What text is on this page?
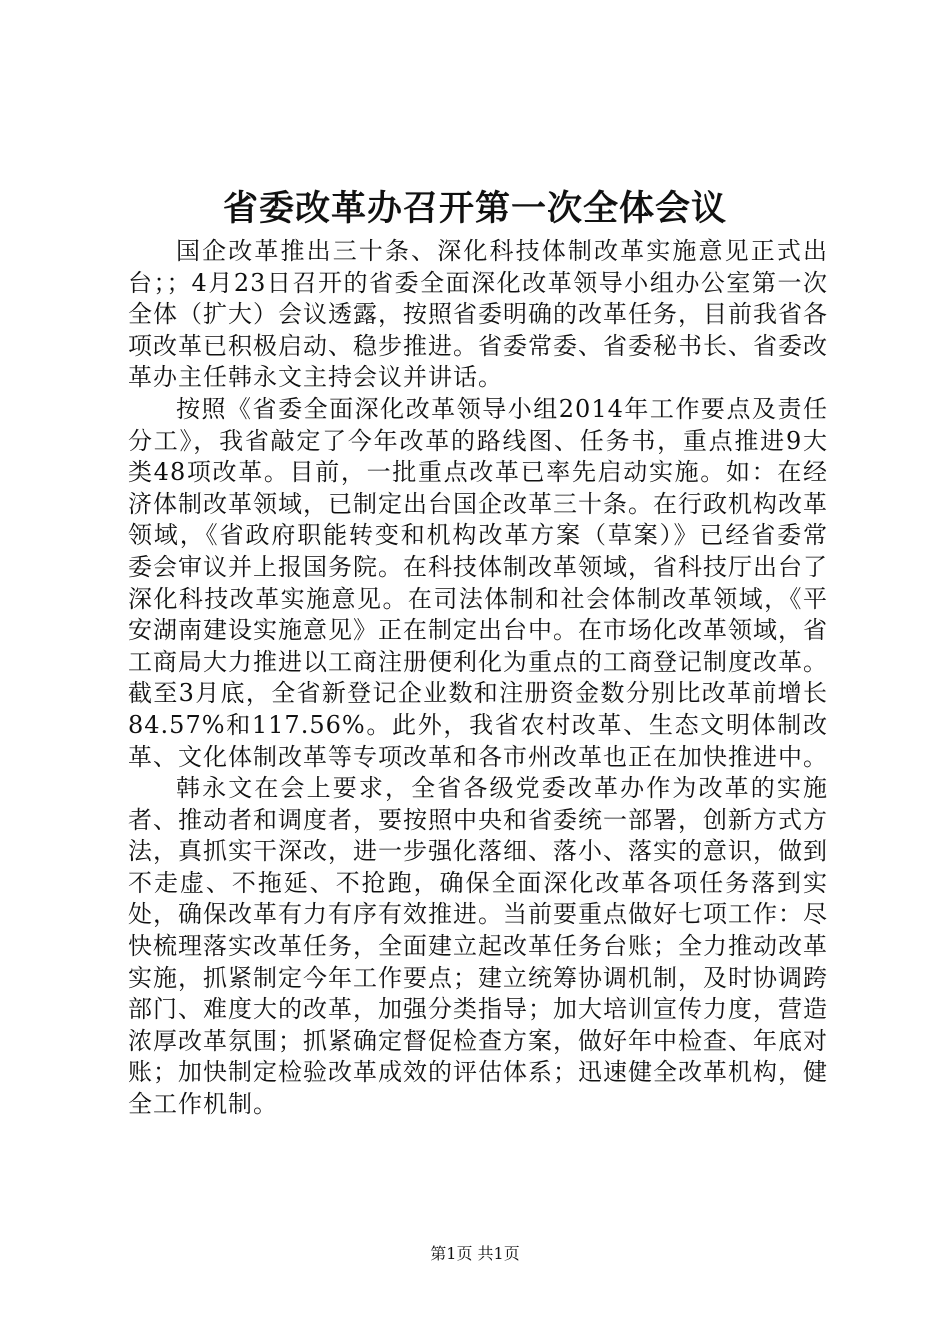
省委改革办召开第一次全体会议

国企改革推出三十条、深化科技体制改革实施意见正式出台；；4月23日召开的省委全面深化改革领导小组办公室第一次全体（扩大）会议透露，按照省委明确的改革任务，目前我省各项改革已积极启动、稳步推进。省委常委、省委秘书长、省委改革办主任韩永文主持会议并讲话。

按照《省委全面深化改革领导小组2014年工作要点及责任分工》，我省敲定了今年改革的路线图、任务书，重点推进9大类48项改革。目前，一批重点改革已率先启动实施。如：在经济体制改革领域，已制定出台国企改革三十条。在行政机构改革领域，《省政府职能转变和机构改革方案（草案）》已经省委常委会审议并上报国务院。在科技体制改革领域，省科技厅出台了深化科技改革实施意见。在司法体制和社会体制改革领域，《平安湖南建设实施意见》正在制定出台中。在市场化改革领域，省工商局大力推进以工商注册便利化为重点的工商登记制度改革。截至3月底，全省新登记企业数和注册资金数分别比改革前增长84.57%和117.56%。此外，我省农村改革、生态文明体制改革、文化体制改革等专项改革和各市州改革也正在加快推进中。

韩永文在会上要求，全省各级党委改革办作为改革的实施者、推动者和调度者，要按照中央和省委统一部署，创新方式方法，真抓实干深改，进一步强化落细、落小、落实的意识，做到不走虚、不拖延、不抢跑，确保全面深化改革各项任务落到实处，确保改革有力有序有效推进。当前要重点做好七项工作：尽快梳理落实改革任务，全面建立起改革任务台账；全力推动改革实施，抓紧制定今年工作要点；建立统筹协调机制，及时协调跨部门、难度大的改革，加强分类指导；加大培训宣传力度，营造浓厚改革氛围；抓紧确定督促检查方案，做好年中检查、年底对账；加快制定检验改革成效的评估体系；迅速健全改革机构，健全工作机制。

第1页 共1页
